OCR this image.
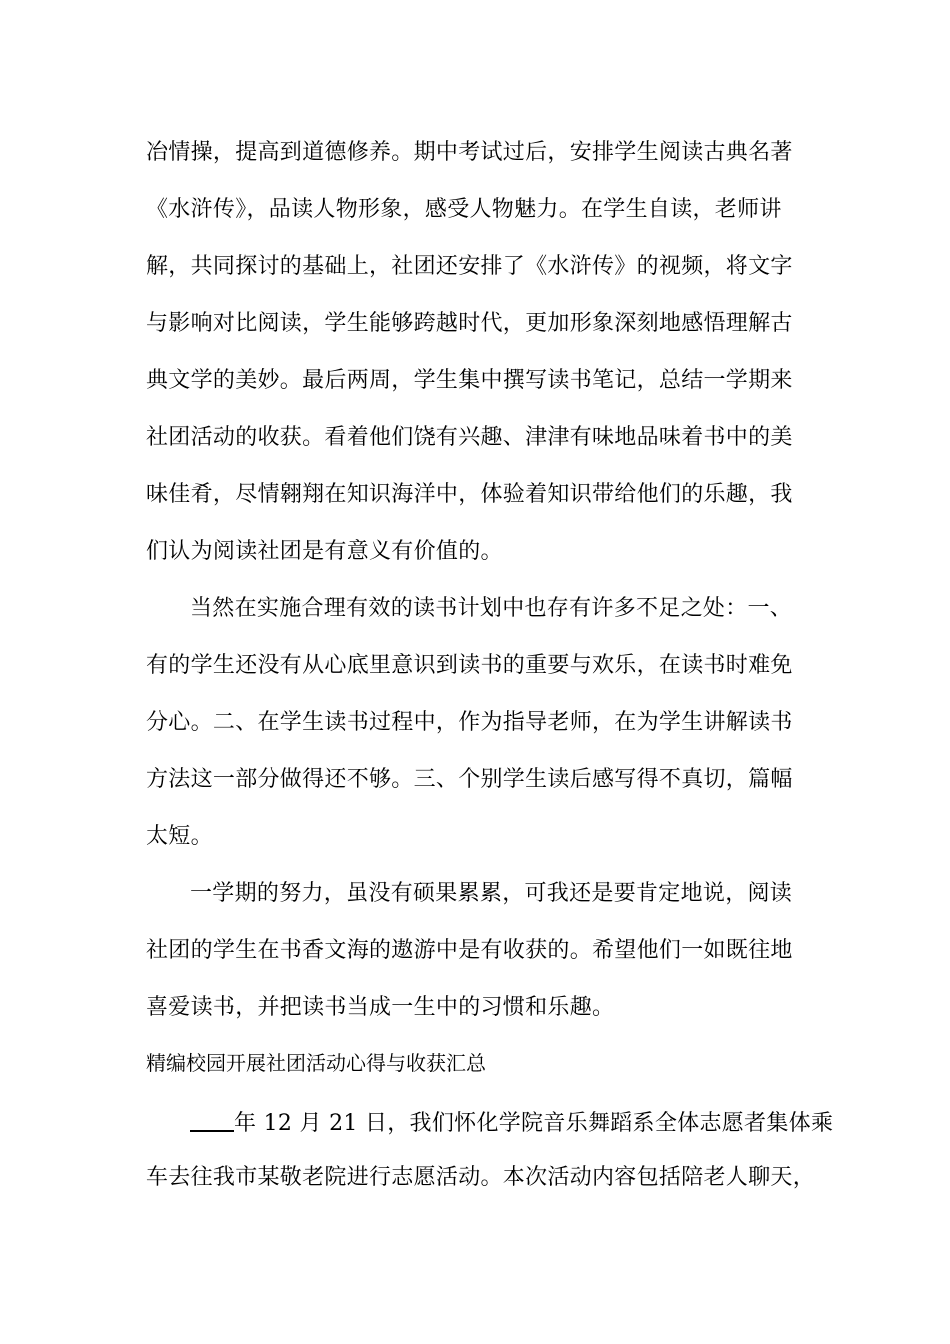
冶情操，提高到道德修养。期中考试过后，安排学生阅读古典名著
《水浒传》，品读人物形象，感受人物魅力。在学生自读，老师讲
解，共同探讨的基础上，社团还安排了《水浒传》的视频，将文字
与影响对比阅读，学生能够跨越时代，更加形象深刻地感悟理解古
典文学的美妙。最后两周，学生集中撰写读书笔记，总结一学期来
社团活动的收获。看着他们饶有兴趣、津津有味地品味着书中的美
味佳肴，尽情翱翔在知识海洋中，体验着知识带给他们的乐趣，我
们认为阅读社团是有意义有价值的。
当然在实施合理有效的读书计划中也存有许多不足之处：一、
有的学生还没有从心底里意识到读书的重要与欢乐，在读书时难免
分心。二、在学生读书过程中，作为指导老师，在为学生讲解读书
方法这一部分做得还不够。三、个别学生读后感写得不真切，篇幅
太短。
一学期的努力，虽没有硕果累累，可我还是要肯定地说，阅读
社团的学生在书香文海的遨游中是有收获的。希望他们一如既往地
喜爱读书，并把读书当成一生中的习惯和乐趣。
精编校园开展社团活动心得与收获汇总
年 12 月 21 日，我们怀化学院音乐舞蹈系全体志愿者集体乘
车去往我市某敬老院进行志愿活动。本次活动内容包括陪老人聊天，
